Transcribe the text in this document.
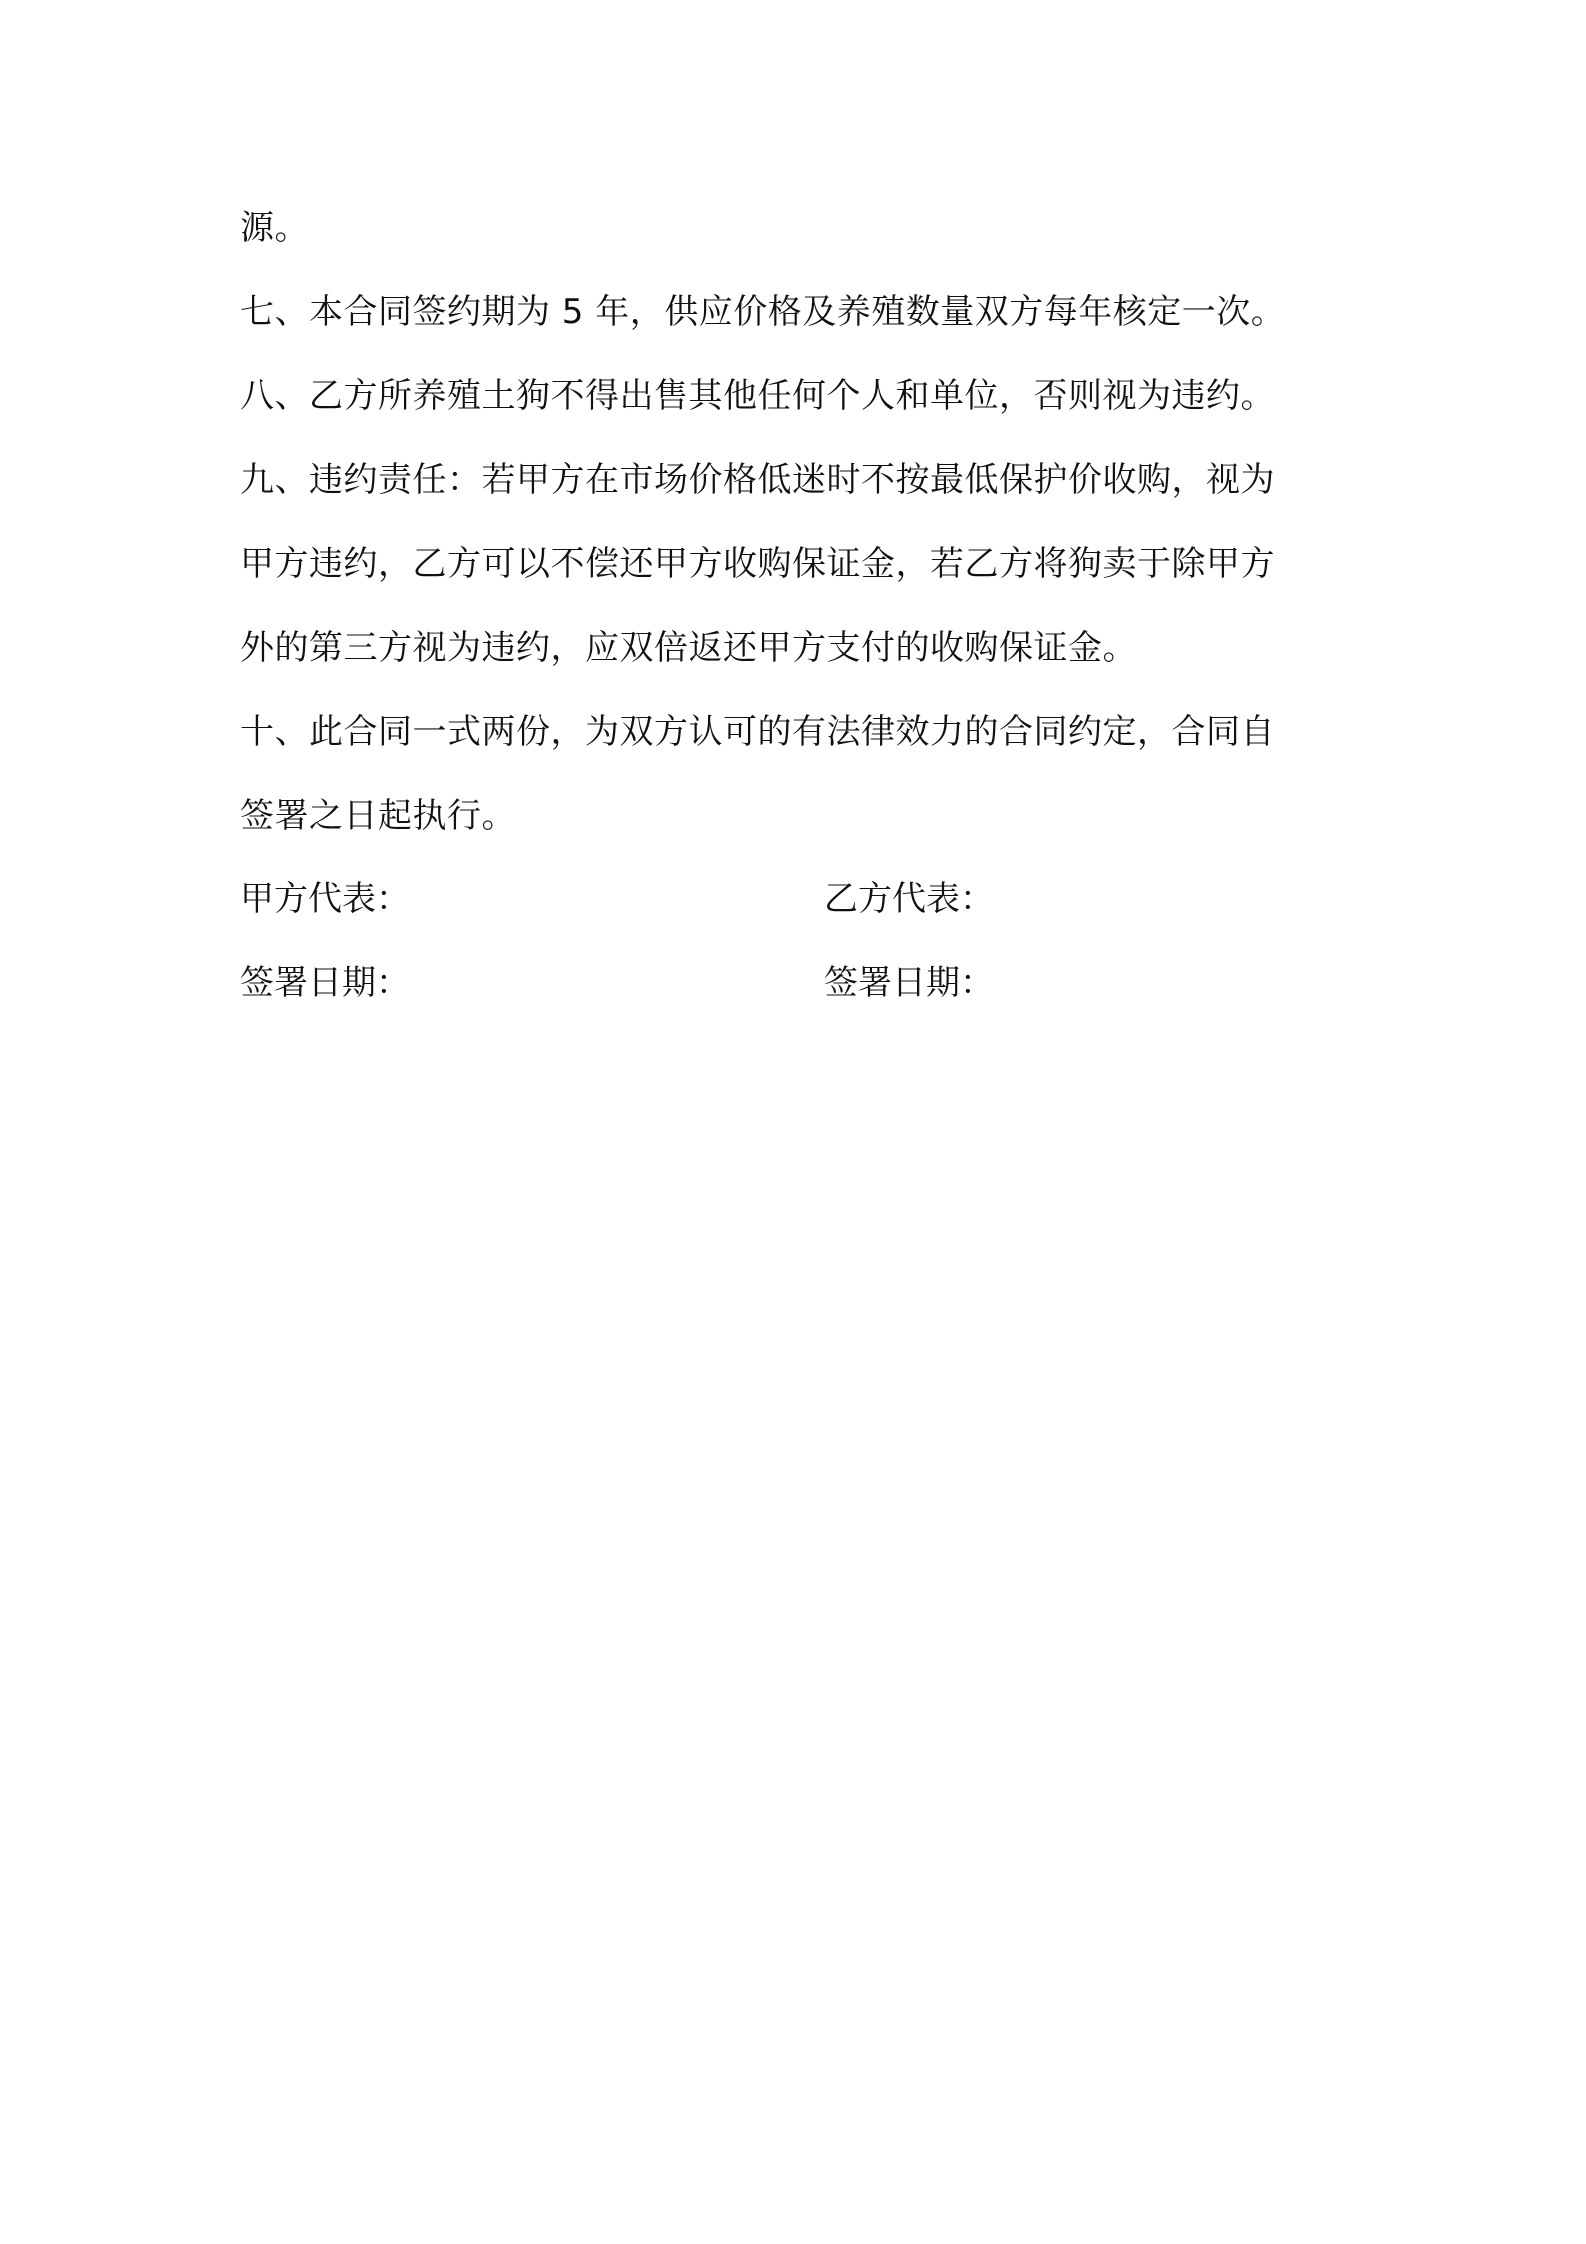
源。
七、本合同签约期为 5 年，供应价格及养殖数量双方每年核定一次。
八、乙方所养殖土狗不得出售其他任何个人和单位，否则视为违约。
九、违约责任：若甲方在市场价格低迷时不按最低保护价收购，视为
甲方违约，乙方可以不偿还甲方收购保证金，若乙方将狗卖于除甲方
外的第三方视为违约，应双倍返还甲方支付的收购保证金。
十、此合同一式两份，为双方认可的有法律效力的合同约定，合同自
签署之日起执行。
甲方代表：	乙方代表：
签署日期：	签署日期：
